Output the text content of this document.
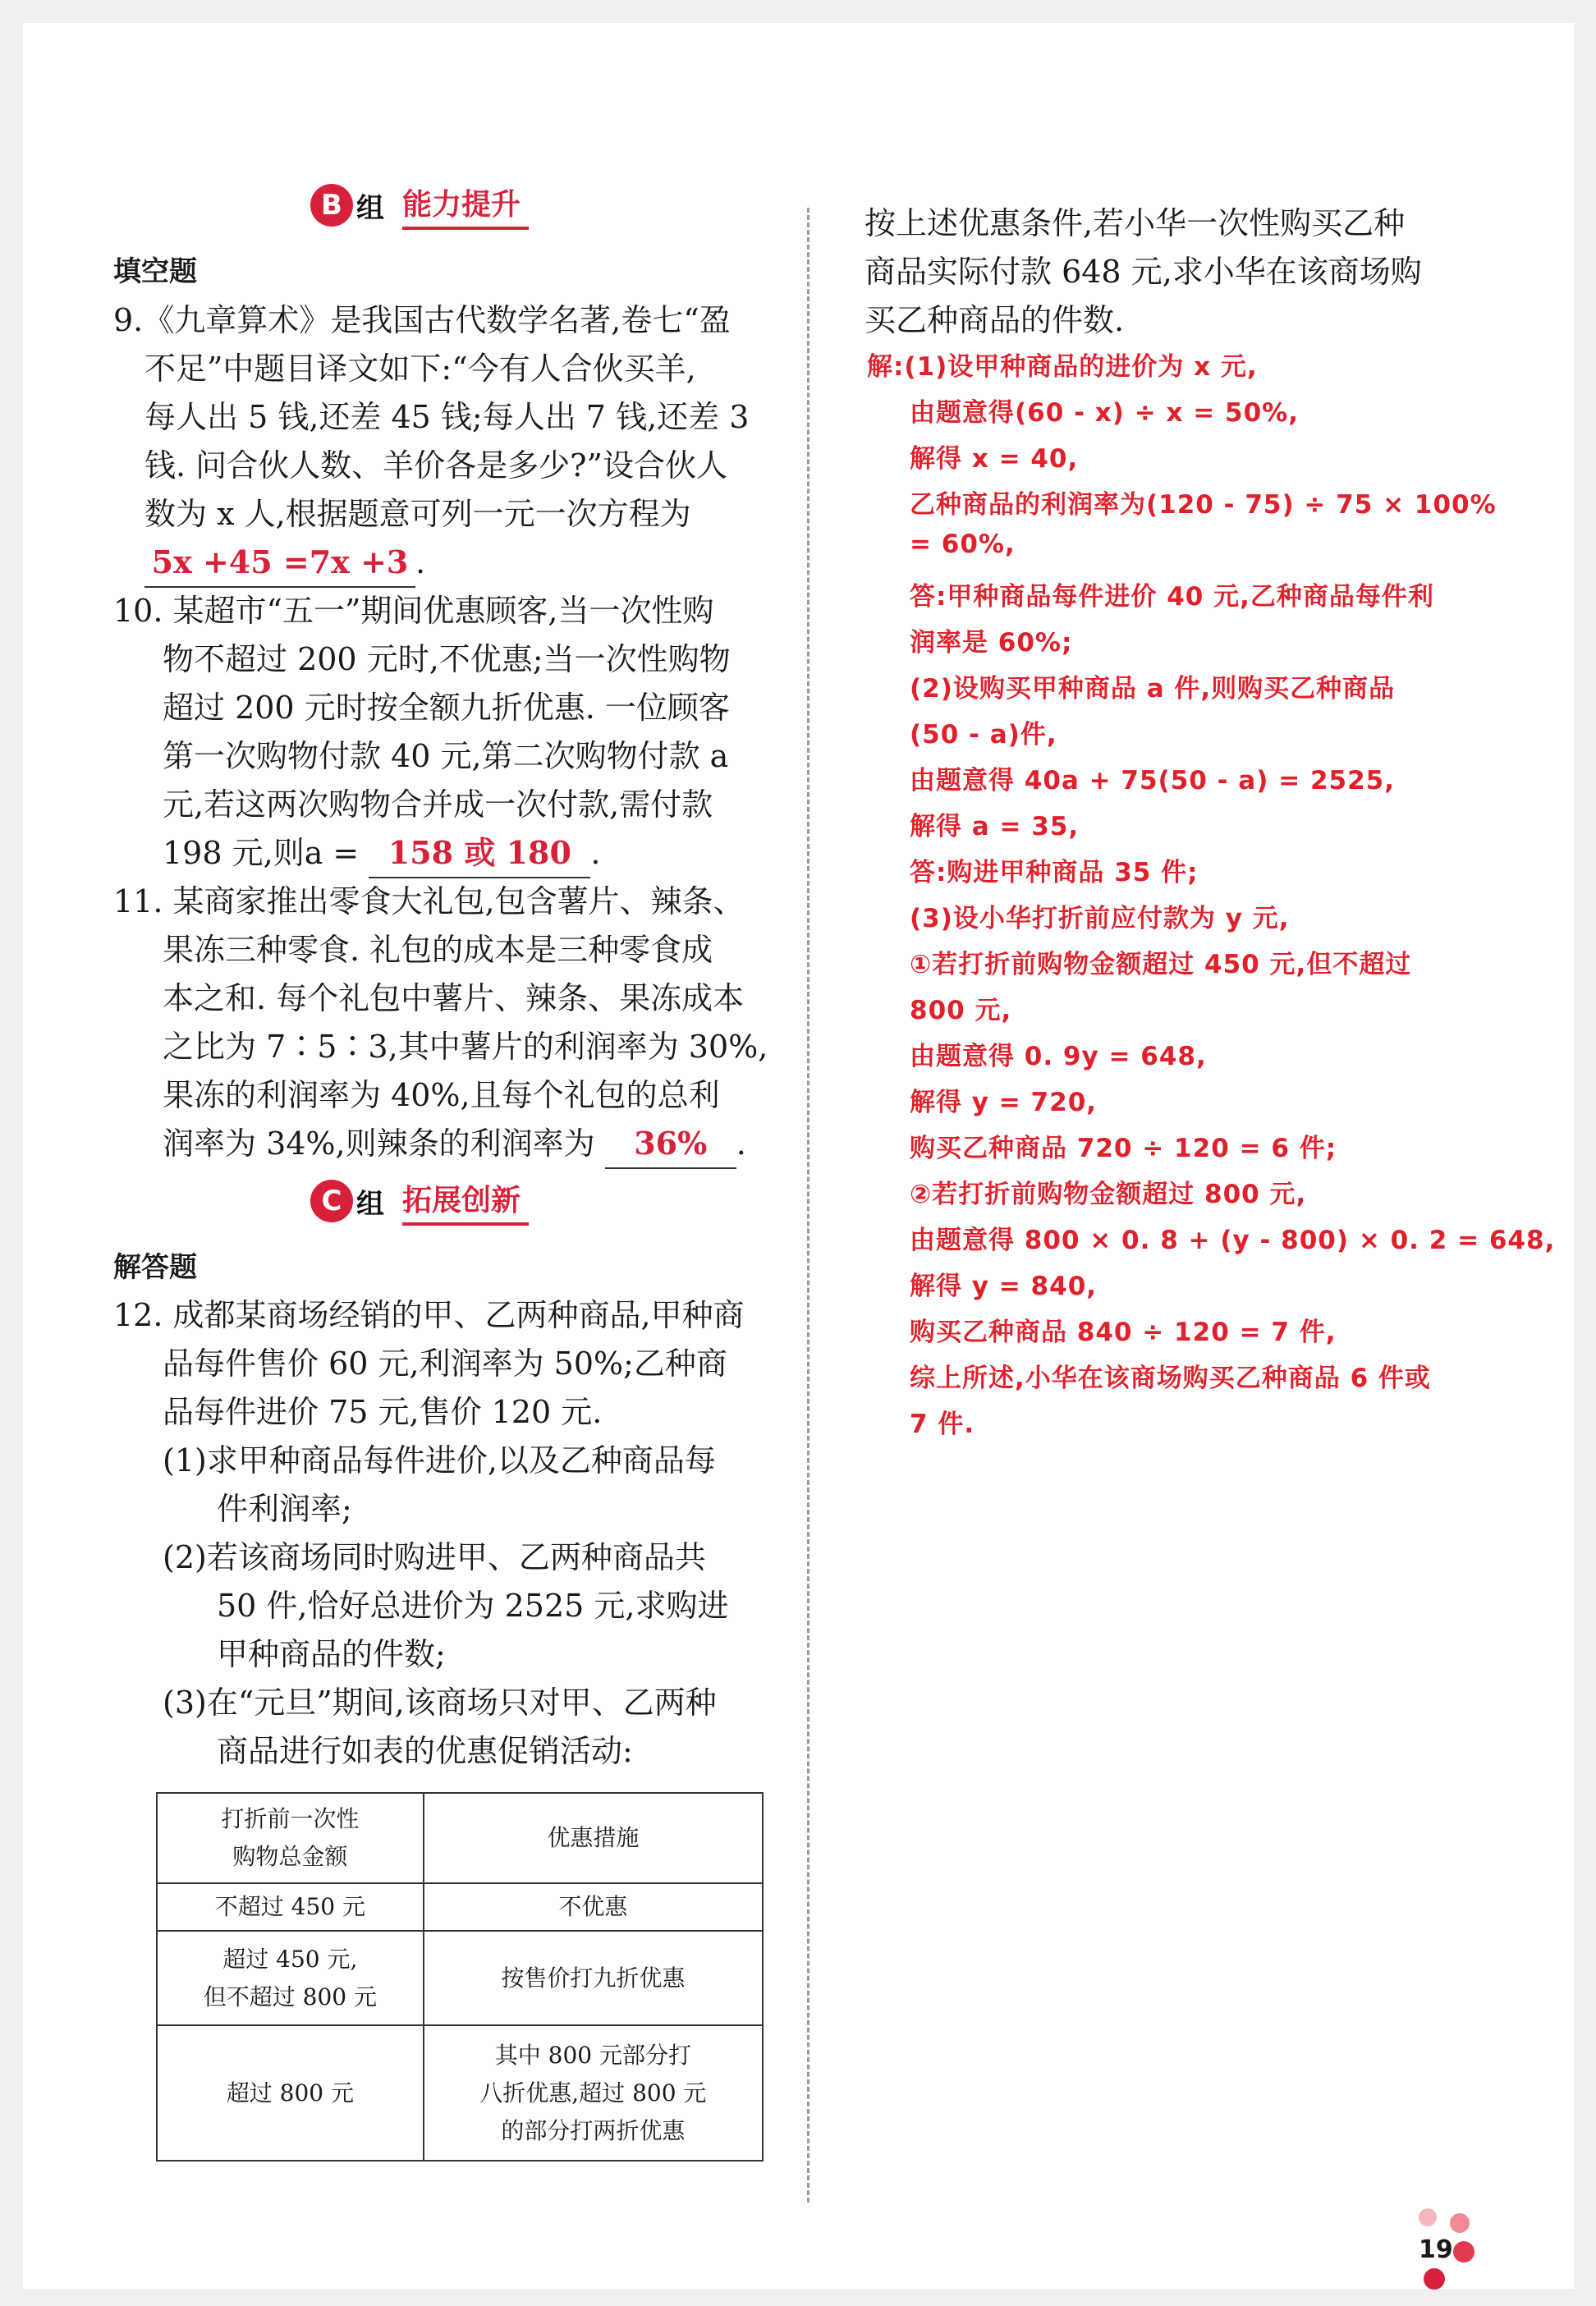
B 组 能力提升
填空题
9.《九章算术》是我国古代数学名著,卷七“盈
不足”中题目译文如下:“今有人合伙买羊,
每人出 5 钱,还差 45 钱;每人出 7 钱,还差 3
钱. 问合伙人数、羊价各是多少?”设合伙人
数为 x 人,根据题意可列一元一次方程为
5x +45 =7x +3 .
10. 某超市“五一”期间优惠顾客,当一次性购
物不超过 200 元时,不优惠;当一次性购物
超过 200 元时按全额九折优惠. 一位顾客
第一次购物付款 40 元,第二次购物付款 a
元,若这两次购物合并成一次付款,需付款
198 元,则a = 158 或 180 .
11. 某商家推出零食大礼包,包含薯片、辣条、
果冻三种零食. 礼包的成本是三种零食成
本之和. 每个礼包中薯片、辣条、果冻成本
之比为 7∶5∶3,其中薯片的利润率为 30%,
果冻的利润率为 40%,且每个礼包的总利
润率为 34%,则辣条的利润率为 36% .
C 组 拓展创新
解答题
12. 成都某商场经销的甲、乙两种商品,甲种商
品每件售价 60 元,利润率为 50%;乙种商
品每件进价 75 元,售价 120 元.
(1)求甲种商品每件进价,以及乙种商品每
件利润率;
(2)若该商场同时购进甲、乙两种商品共
50 件,恰好总进价为 2525 元,求购进
甲种商品的件数;
(3)在“元旦”期间,该商场只对甲、乙两种
商品进行如表的优惠促销活动:
打折前一次性
购物总金额	优惠措施
不超过 450 元	不优惠
超过 450 元,
但不超过 800 元	按售价打九折优惠
超过 800 元	其中 800 元部分打
八折优惠,超过 800 元
的部分打两折优惠
按上述优惠条件,若小华一次性购买乙种
商品实际付款 648 元,求小华在该商场购
买乙种商品的件数.
解:(1)设甲种商品的进价为 x 元,
由题意得(60 - x) ÷ x = 50%,
解得 x = 40,
乙种商品的利润率为(120 - 75) ÷ 75 × 100%
= 60%,
答:甲种商品每件进价 40 元,乙种商品每件利
润率是 60%;
(2)设购买甲种商品 a 件,则购买乙种商品
(50 - a)件,
由题意得 40a + 75(50 - a) = 2525,
解得 a = 35,
答:购进甲种商品 35 件;
(3)设小华打折前应付款为 y 元,
①若打折前购物金额超过 450 元,但不超过
800 元,
由题意得 0. 9y = 648,
解得 y = 720,
购买乙种商品 720 ÷ 120 = 6 件;
②若打折前购物金额超过 800 元,
由题意得 800 × 0. 8 + (y - 800) × 0. 2 = 648,
解得 y = 840,
购买乙种商品 840 ÷ 120 = 7 件,
综上所述,小华在该商场购买乙种商品 6 件或
7 件.
19
